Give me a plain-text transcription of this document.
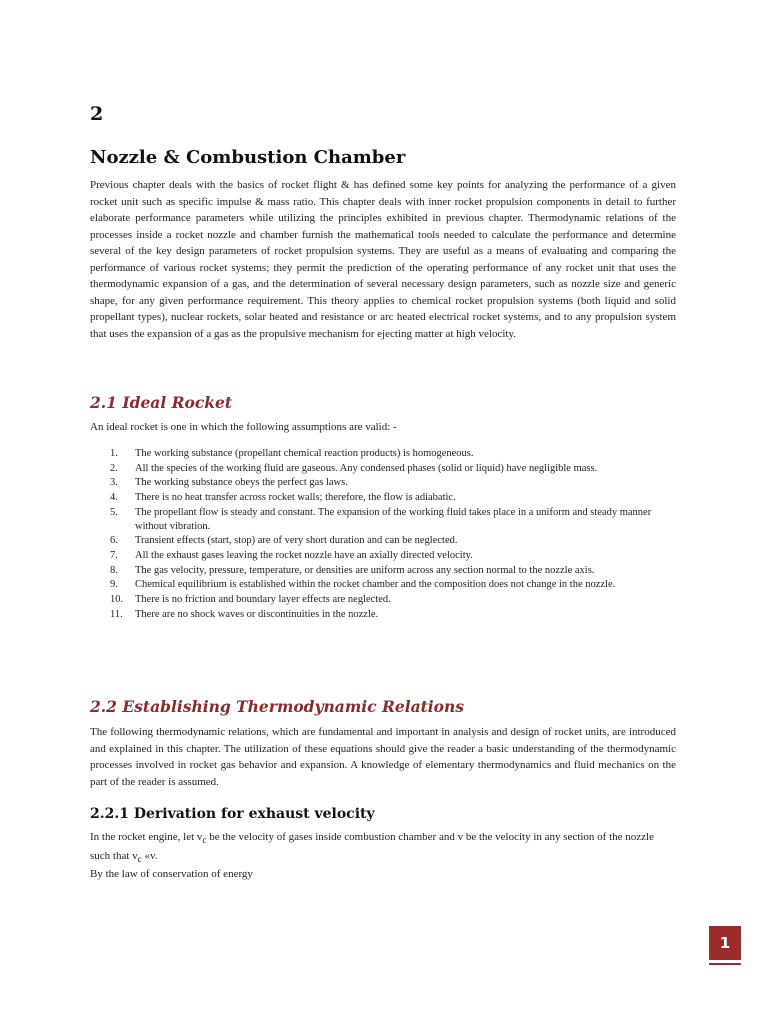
2
Nozzle & Combustion Chamber

Previous chapter deals with the basics of rocket flight & has defined some key points for analyzing the performance of a given rocket unit such as specific impulse & mass ratio. This chapter deals with inner rocket propulsion components in detail to further elaborate performance parameters while utilizing the principles exhibited in previous chapter. Thermodynamic relations of the processes inside a rocket nozzle and chamber furnish the mathematical tools needed to calculate the performance and determine several of the key design parameters of rocket propulsion systems. They are useful as a means of evaluating and comparing the performance of various rocket systems; they permit the prediction of the operating performance of any rocket unit that uses the thermodynamic expansion of a gas, and the determination of several necessary design parameters, such as nozzle size and generic shape, for any given performance requirement. This theory applies to chemical rocket propulsion systems (both liquid and solid propellant types), nuclear rockets, solar heated and resistance or arc heated electrical rocket systems, and to any propulsion system that uses the expansion of a gas as the propulsive mechanism for ejecting matter at high velocity.

2.1 Ideal Rocket

An ideal rocket is one in which the following assumptions are valid: -

1.	The working substance (propellant chemical reaction products) is homogeneous.
2.	All the species of the working fluid are gaseous. Any condensed phases (solid or liquid) have negligible mass.
3.	The working substance obeys the perfect gas laws.
4.	There is no heat transfer across rocket walls; therefore, the flow is adiabatic.
5.	The propellant flow is steady and constant. The expansion of the working fluid takes place in a uniform and steady manner without vibration.
6.	Transient effects (start, stop) are of very short duration and can be neglected.
7.	All the exhaust gases leaving the rocket nozzle have an axially directed velocity.
8.	The gas velocity, pressure, temperature, or densities are uniform across any section normal to the nozzle axis.
9.	Chemical equilibrium is established within the rocket chamber and the composition does not change in the nozzle.
10.	There is no friction and boundary layer effects are neglected.
11.	There are no shock waves or discontinuities in the nozzle.
2.2 Establishing Thermodynamic Relations

The following thermodynamic relations, which are fundamental and important in analysis and design of rocket units, are introduced and explained in this chapter. The utilization of these equations should give the reader a basic understanding of the thermodynamic processes involved in rocket gas behavior and expansion. A knowledge of elementary thermodynamics and fluid mechanics on the part of the reader is assumed.

2.2.1 Derivation for exhaust velocity

In the rocket engine, let $v_c$ be the velocity of gases inside combustion chamber and v be the velocity in any section of the nozzle such that $v_c$ «v.
By the law of conservation of energy

1
